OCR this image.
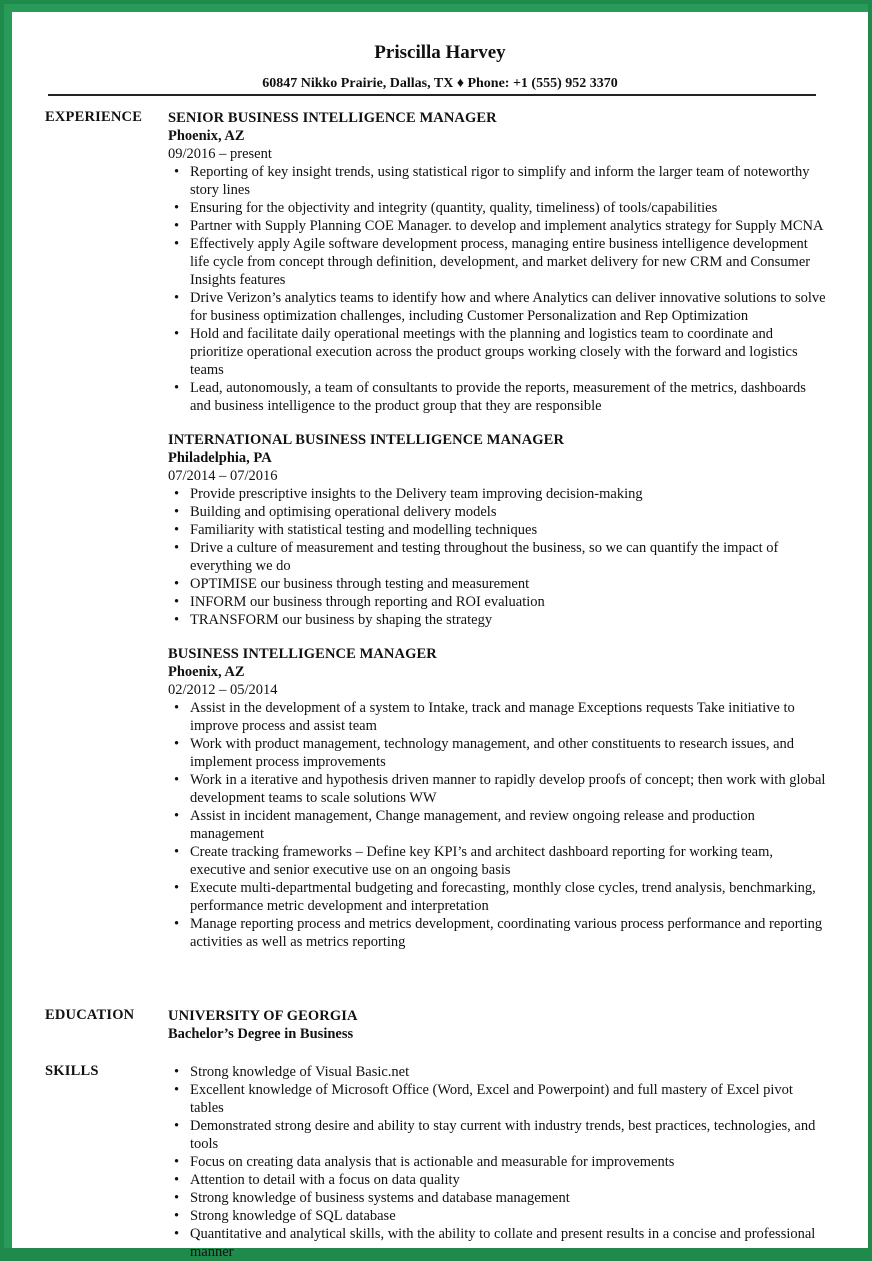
Priscilla Harvey
60847 Nikko Prairie, Dallas, TX ♦ Phone: +1 (555) 952 3370
EXPERIENCE SENIOR BUSINESS INTELLIGENCE MANAGER
Phoenix, AZ
09/2016 – present
• Reporting of key insight trends, using statistical rigor to simplify and inform the larger team of noteworthy story lines
• Ensuring for the objectivity and integrity (quantity, quality, timeliness) of tools/capabilities
• Partner with Supply Planning COE Manager. to develop and implement analytics strategy for Supply MCNA
• Effectively apply Agile software development process, managing entire business intelligence development life cycle from concept through definition, development, and market delivery for new CRM and Consumer Insights features
• Drive Verizon’s analytics teams to identify how and where Analytics can deliver innovative solutions to solve for business optimization challenges, including Customer Personalization and Rep Optimization
• Hold and facilitate daily operational meetings with the planning and logistics team to coordinate and prioritize operational execution across the product groups working closely with the forward and logistics teams
• Lead, autonomously, a team of consultants to provide the reports, measurement of the metrics, dashboards and business intelligence to the product group that they are responsible
INTERNATIONAL BUSINESS INTELLIGENCE MANAGER
Philadelphia, PA
07/2014 – 07/2016
• Provide prescriptive insights to the Delivery team improving decision-making
• Building and optimising operational delivery models
• Familiarity with statistical testing and modelling techniques
• Drive a culture of measurement and testing throughout the business, so we can quantify the impact of everything we do
• OPTIMISE our business through testing and measurement
• INFORM our business through reporting and ROI evaluation
• TRANSFORM our business by shaping the strategy
BUSINESS INTELLIGENCE MANAGER
Phoenix, AZ
02/2012 – 05/2014
• Assist in the development of a system to Intake, track and manage Exceptions requests Take initiative to improve process and assist team
• Work with product management, technology management, and other constituents to research issues, and implement process improvements
• Work in a iterative and hypothesis driven manner to rapidly develop proofs of concept; then work with global development teams to scale solutions WW
• Assist in incident management, Change management, and review ongoing release and production management
• Create tracking frameworks – Define key KPI’s and architect dashboard reporting for working team, executive and senior executive use on an ongoing basis
• Execute multi-departmental budgeting and forecasting, monthly close cycles, trend analysis, benchmarking, performance metric development and interpretation
• Manage reporting process and metrics development, coordinating various process performance and reporting activities as well as metrics reporting
EDUCATION UNIVERSITY OF GEORGIA
Bachelor’s Degree in Business
SKILLS	• Strong knowledge of Visual Basic.net
• Excellent knowledge of Microsoft Office (Word, Excel and Powerpoint) and full mastery of Excel pivot tables
• Demonstrated strong desire and ability to stay current with industry trends, best practices, technologies, and tools
• Focus on creating data analysis that is actionable and measurable for improvements
• Attention to detail with a focus on data quality
• Strong knowledge of business systems and database management
• Strong knowledge of SQL database
• Quantitative and analytical skills, with the ability to collate and present results in a concise and professional manner
